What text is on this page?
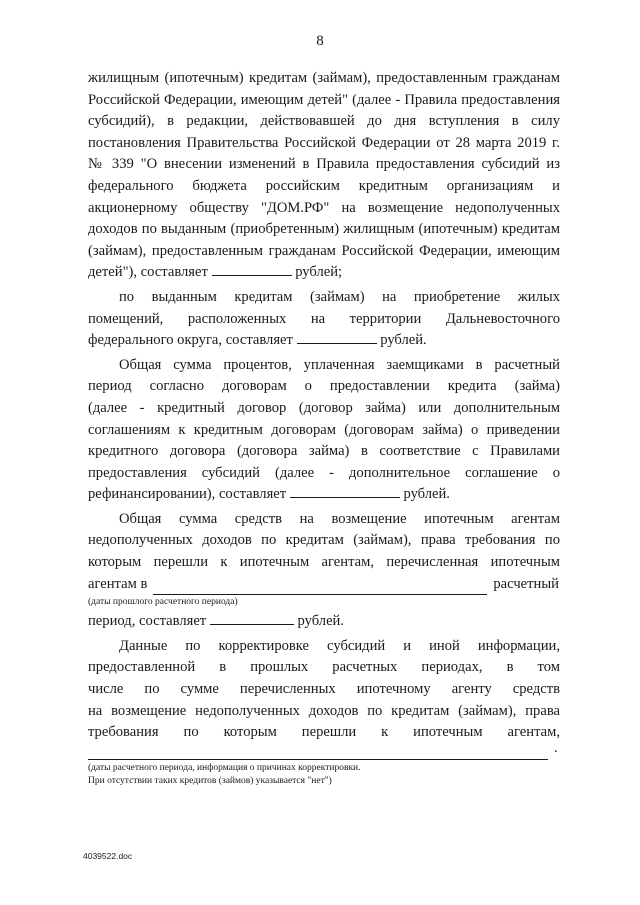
8
жилищным (ипотечным) кредитам (займам), предоставленным гражданам
Российской Федерации, имеющим детей" (далее - Правила предоставления
субсидий), в редакции, действовавшей до дня вступления в силу
постановления Правительства Российской Федерации от 28 марта 2019 г.
№ 339 "О внесении изменений в Правила предоставления субсидий из
федерального бюджета российским кредитным организациям и
акционерному обществу "ДОМ.РФ" на возмещение недополученных
доходов по выданным (приобретенным) жилищным (ипотечным) кредитам
(займам), предоставленным гражданам Российской Федерации, имеющим
детей"), составляет	рублей;
по выданным кредитам (займам) на приобретение жилых
помещений, расположенных на территории Дальневосточного
федерального округа, составляет	рублей.
Общая сумма процентов, уплаченная заемщиками в расчетный
период согласно договорам о предоставлении кредита (займа)
(далее - кредитный договор (договор займа) или дополнительным
соглашениям к кредитным договорам (договорам займа) о приведении
кредитного договора (договора займа) в соответствие с Правилами
предоставления субсидий (далее - дополнительное соглашение о
рефинансировании), составляет	рублей.
Общая сумма средств на возмещение ипотечным агентам
недополученных доходов по кредитам (займам), права требования по
которым перешли к ипотечным агентам, перечисленная ипотечным
агентам в	расчетный
(даты прошлого расчетного периода)
период, составляет	рублей.
Данные по корректировке субсидий и иной информации,
предоставленной в прошлых расчетных периодах, в том
числе по сумме перечисленных ипотечному агенту средств
на возмещение недополученных доходов по кредитам (займам), права
требования по которым перешли к ипотечным агентам,
.
(даты расчетного периода, информация о причинах корректировки.
При отсутствии таких кредитов (займов) указывается "нет")
4039522.doc
